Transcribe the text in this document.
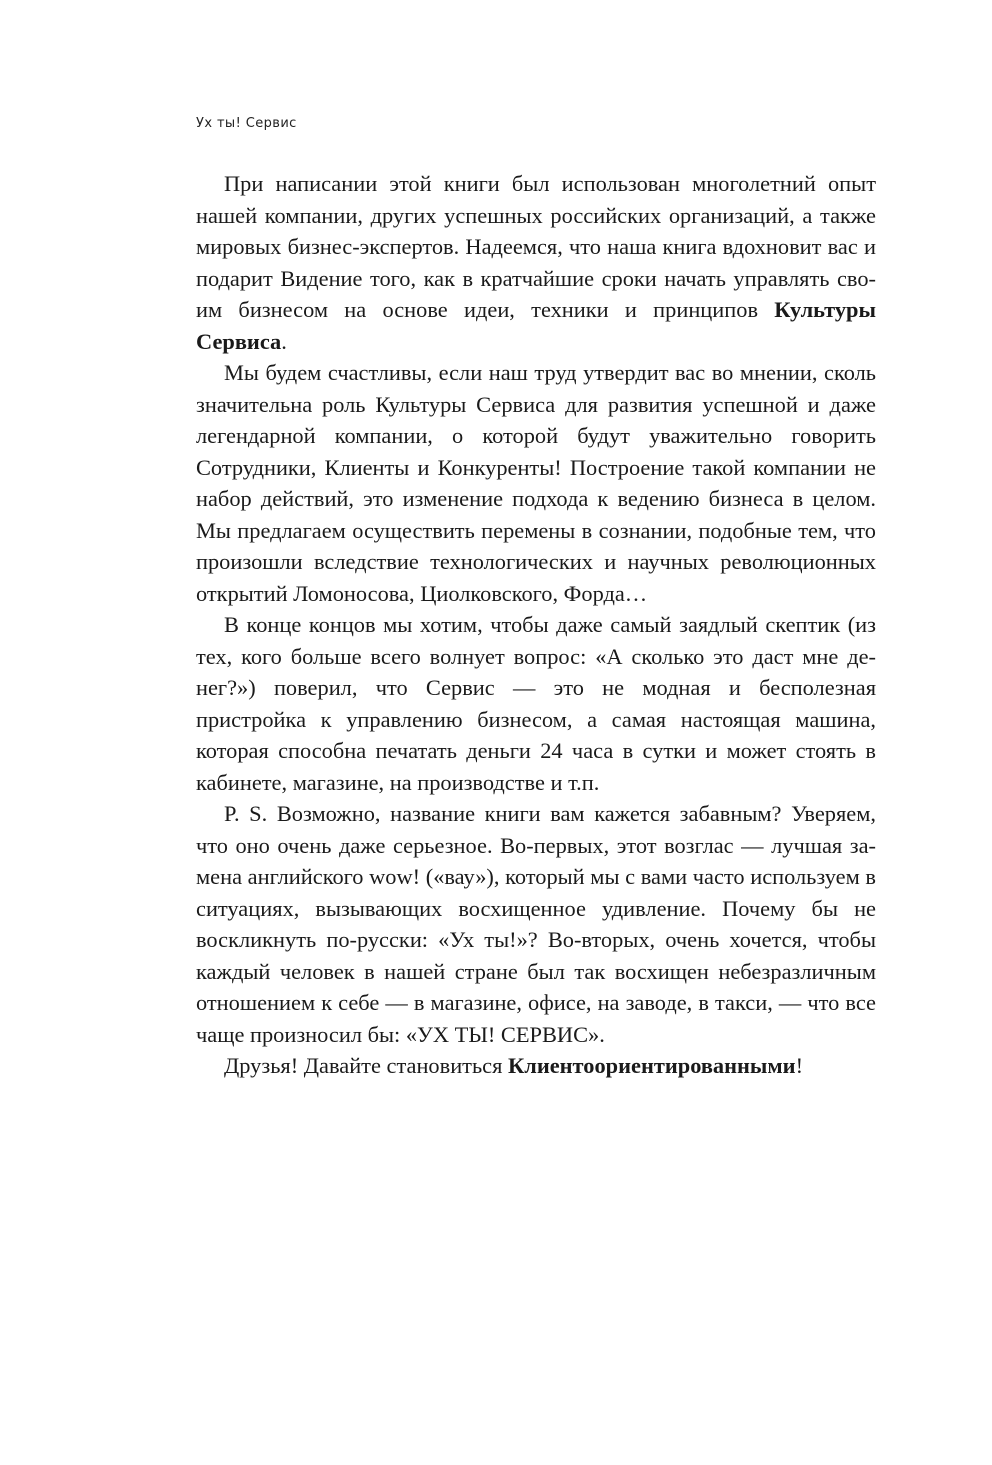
Ух ты! Сервис

При написании этой книги был использован многолетний опыт нашей компании, других успешных российских организаций, а также мировых бизнес-экспертов. Надеемся, что наша книга вдохновит вас и подарит Видение того, как в кратчайшие сроки начать управлять своим бизнесом на основе идеи, техники и принципов Культуры Сервиса.

Мы будем счастливы, если наш труд утвердит вас во мнении, сколь значительна роль Культуры Сервиса для развития успешной и даже легендарной компании, о которой будут уважительно говорить Сотрудники, Клиенты и Конкуренты! Построение такой компании не набор действий, это изменение подхода к ведению бизнеса в целом. Мы предлагаем осуществить перемены в сознании, подобные тем, что произошли вследствие технологических и научных революционных открытий Ломоносова, Циолковского, Форда…

В конце концов мы хотим, чтобы даже самый заядлый скептик (из тех, кого больше всего волнует вопрос: «А сколько это даст мне денег?») поверил, что Сервис — это не модная и бесполезная пристройка к управлению бизнесом, а самая настоящая машина, которая способна печатать деньги 24 часа в сутки и может стоять в кабинете, магазине, на производстве и т.п.

P. S. Возможно, название книги вам кажется забавным? Уверяем, что оно очень даже серьезное. Во-первых, этот возглас — лучшая замена английского wow! («вау»), который мы с вами часто используем в ситуациях, вызывающих восхищенное удивление. Почему бы не воскликнуть по-русски: «Ух ты!»? Во-вторых, очень хочется, чтобы каждый человек в нашей стране был так восхищен небезразличным отношением к себе — в магазине, офисе, на заводе, в такси, — что все чаще произносил бы: «УХ ТЫ! СЕРВИС».

Друзья! Давайте становиться Клиентоориентированными!
